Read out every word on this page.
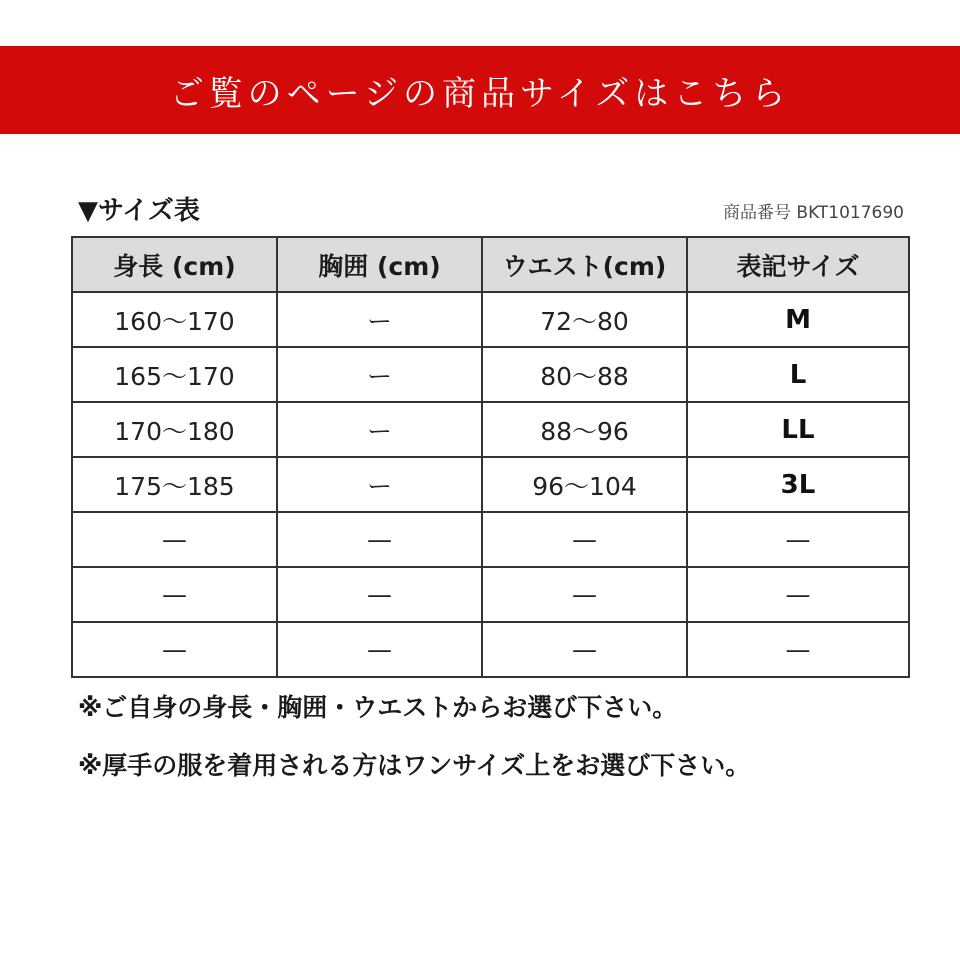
ご覧のページの商品サイズはこちら
▼サイズ表	商品番号 BKT1017690
身長 (cm)	胸囲 (cm)	ウエスト(cm)	表記サイズ
160〜170	ー	72〜80	M
165〜170	ー	80〜88	L
170〜180	ー	88〜96	LL
175〜185	ー	96〜104	3L
—	—	—	—
—	—	—	—
—	—	—	—
※ご自身の身長・胸囲・ウエストからお選び下さい。
※厚手の服を着用される方はワンサイズ上をお選び下さい。
